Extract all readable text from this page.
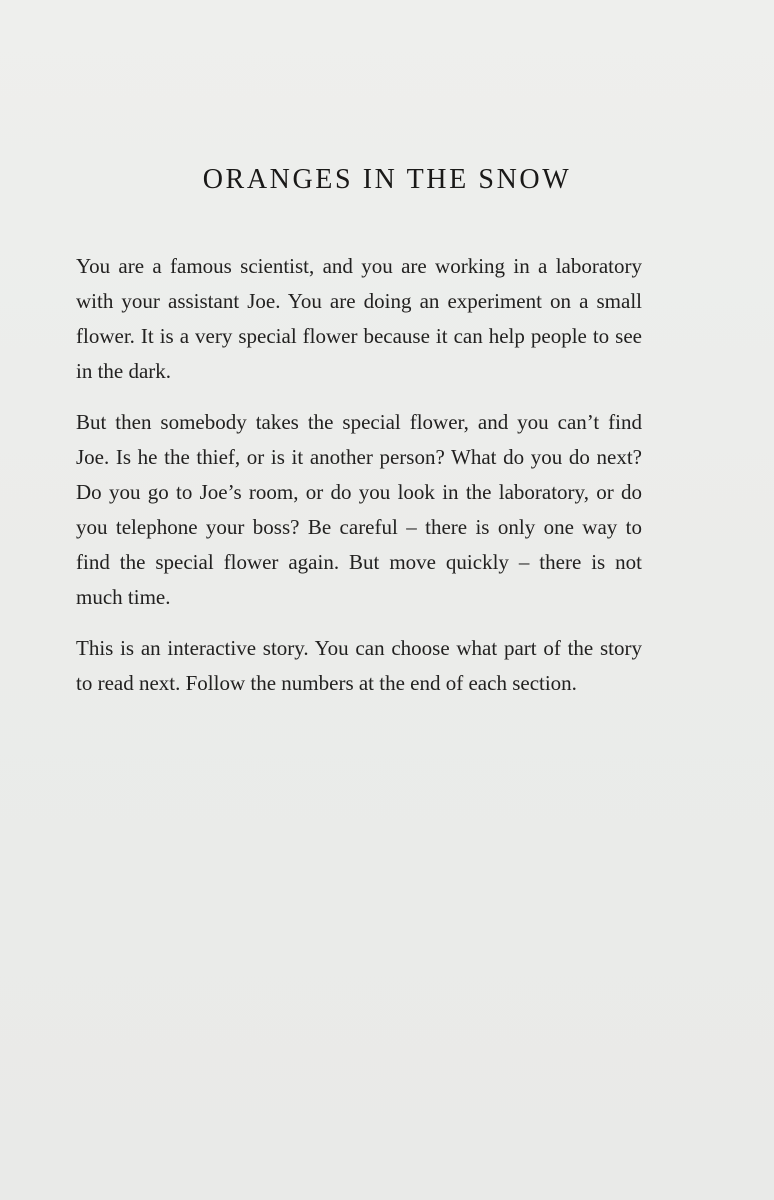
ORANGES IN THE SNOW

You are a famous scientist, and you are working in a laboratory with your assistant Joe. You are doing an experiment on a small flower. It is a very special flower because it can help people to see in the dark.

But then somebody takes the special flower, and you can’t find Joe. Is he the thief, or is it another person? What do you do next? Do you go to Joe’s room, or do you look in the laboratory, or do you telephone your boss? Be careful – there is only one way to find the special flower again. But move quickly – there is not much time.

This is an interactive story. You can choose what part of the story to read next. Follow the numbers at the end of each section.
